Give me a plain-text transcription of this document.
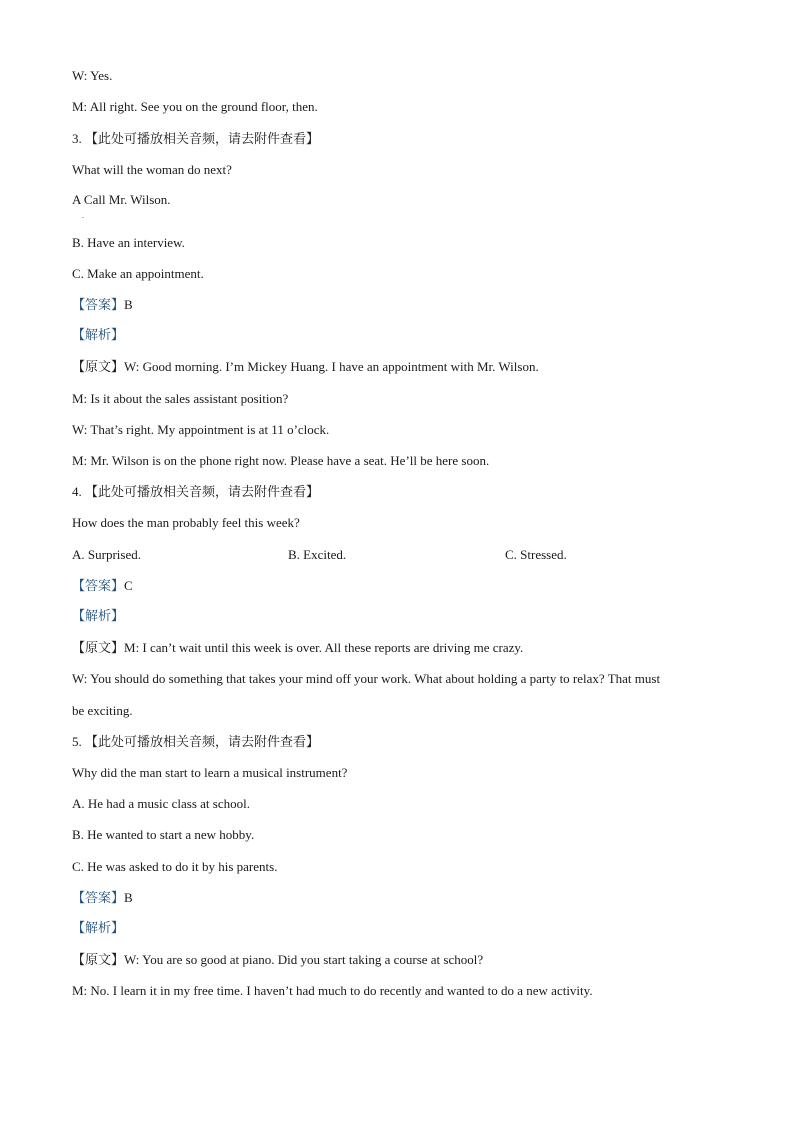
W: Yes.
M: All right. See you on the ground floor, then.
3. 【此处可播放相关音频，请去附件查看】
What will the woman do next?
A Call Mr. Wilson.
.
B. Have an interview.
C. Make an appointment.
【答案】B
【解析】
【原文】W: Good morning. I’m Mickey Huang. I have an appointment with Mr. Wilson.
M: Is it about the sales assistant position?
W: That’s right. My appointment is at 11 o’clock.
M: Mr. Wilson is on the phone right now. Please have a seat. He’ll be here soon.
4. 【此处可播放相关音频，请去附件查看】
How does the man probably feel this week?
A. Surprised.	B. Excited.	C. Stressed.
【答案】C
【解析】
【原文】M: I can’t wait until this week is over. All these reports are driving me crazy.
W: You should do something that takes your mind off your work. What about holding a party to relax? That must
be exciting.
5. 【此处可播放相关音频，请去附件查看】
Why did the man start to learn a musical instrument?
A. He had a music class at school.
B. He wanted to start a new hobby.
C. He was asked to do it by his parents.
【答案】B
【解析】
【原文】W: You are so good at piano. Did you start taking a course at school?
M: No. I learn it in my free time. I haven’t had much to do recently and wanted to do a new activity.
